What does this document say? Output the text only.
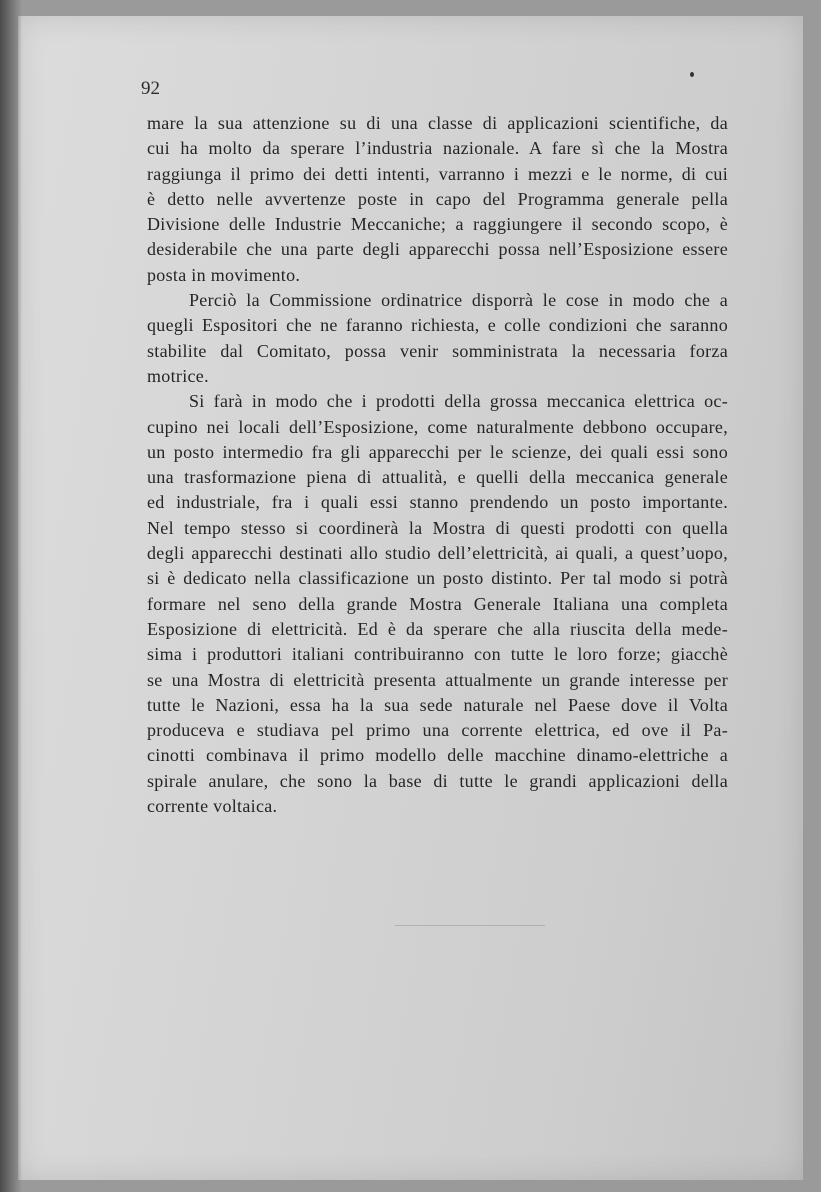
92

mare la sua attenzione su di una classe di applicazioni scientifiche, da
cui ha molto da sperare l’industria nazionale. A fare sì che la Mostra
raggiunga il primo dei detti intenti, varranno i mezzi e le norme, di cui
è detto nelle avvertenze poste in capo del Programma generale pella
Divisione delle Industrie Meccaniche; a raggiungere il secondo scopo, è
desiderabile che una parte degli apparecchi possa nell’Esposizione essere
posta in movimento.

Perciò la Commissione ordinatrice disporrà le cose in modo che a
quegli Espositori che ne faranno richiesta, e colle condizioni che saranno
stabilite dal Comitato, possa venir somministrata la necessaria forza
motrice.

Si farà in modo che i prodotti della grossa meccanica elettrica oc-
cupino nei locali dell’Esposizione, come naturalmente debbono occupare,
un posto intermedio fra gli apparecchi per le scienze, dei quali essi sono
una trasformazione piena di attualità, e quelli della meccanica generale
ed industriale, fra i quali essi stanno prendendo un posto importante.
Nel tempo stesso si coordinerà la Mostra di questi prodotti con quella
degli apparecchi destinati allo studio dell’elettricità, ai quali, a quest’uopo,
si è dedicato nella classificazione un posto distinto. Per tal modo si potrà
formare nel seno della grande Mostra Generale Italiana una completa
Esposizione di elettricità. Ed è da sperare che alla riuscita della mede-
sima i produttori italiani contribuiranno con tutte le loro forze; giacchè
se una Mostra di elettricità presenta attualmente un grande interesse per
tutte le Nazioni, essa ha la sua sede naturale nel Paese dove il Volta
produceva e studiava pel primo una corrente elettrica, ed ove il Pa-
cinotti combinava il primo modello delle macchine dinamo-elettriche a
spirale anulare, che sono la base di tutte le grandi applicazioni della
corrente voltaica.
